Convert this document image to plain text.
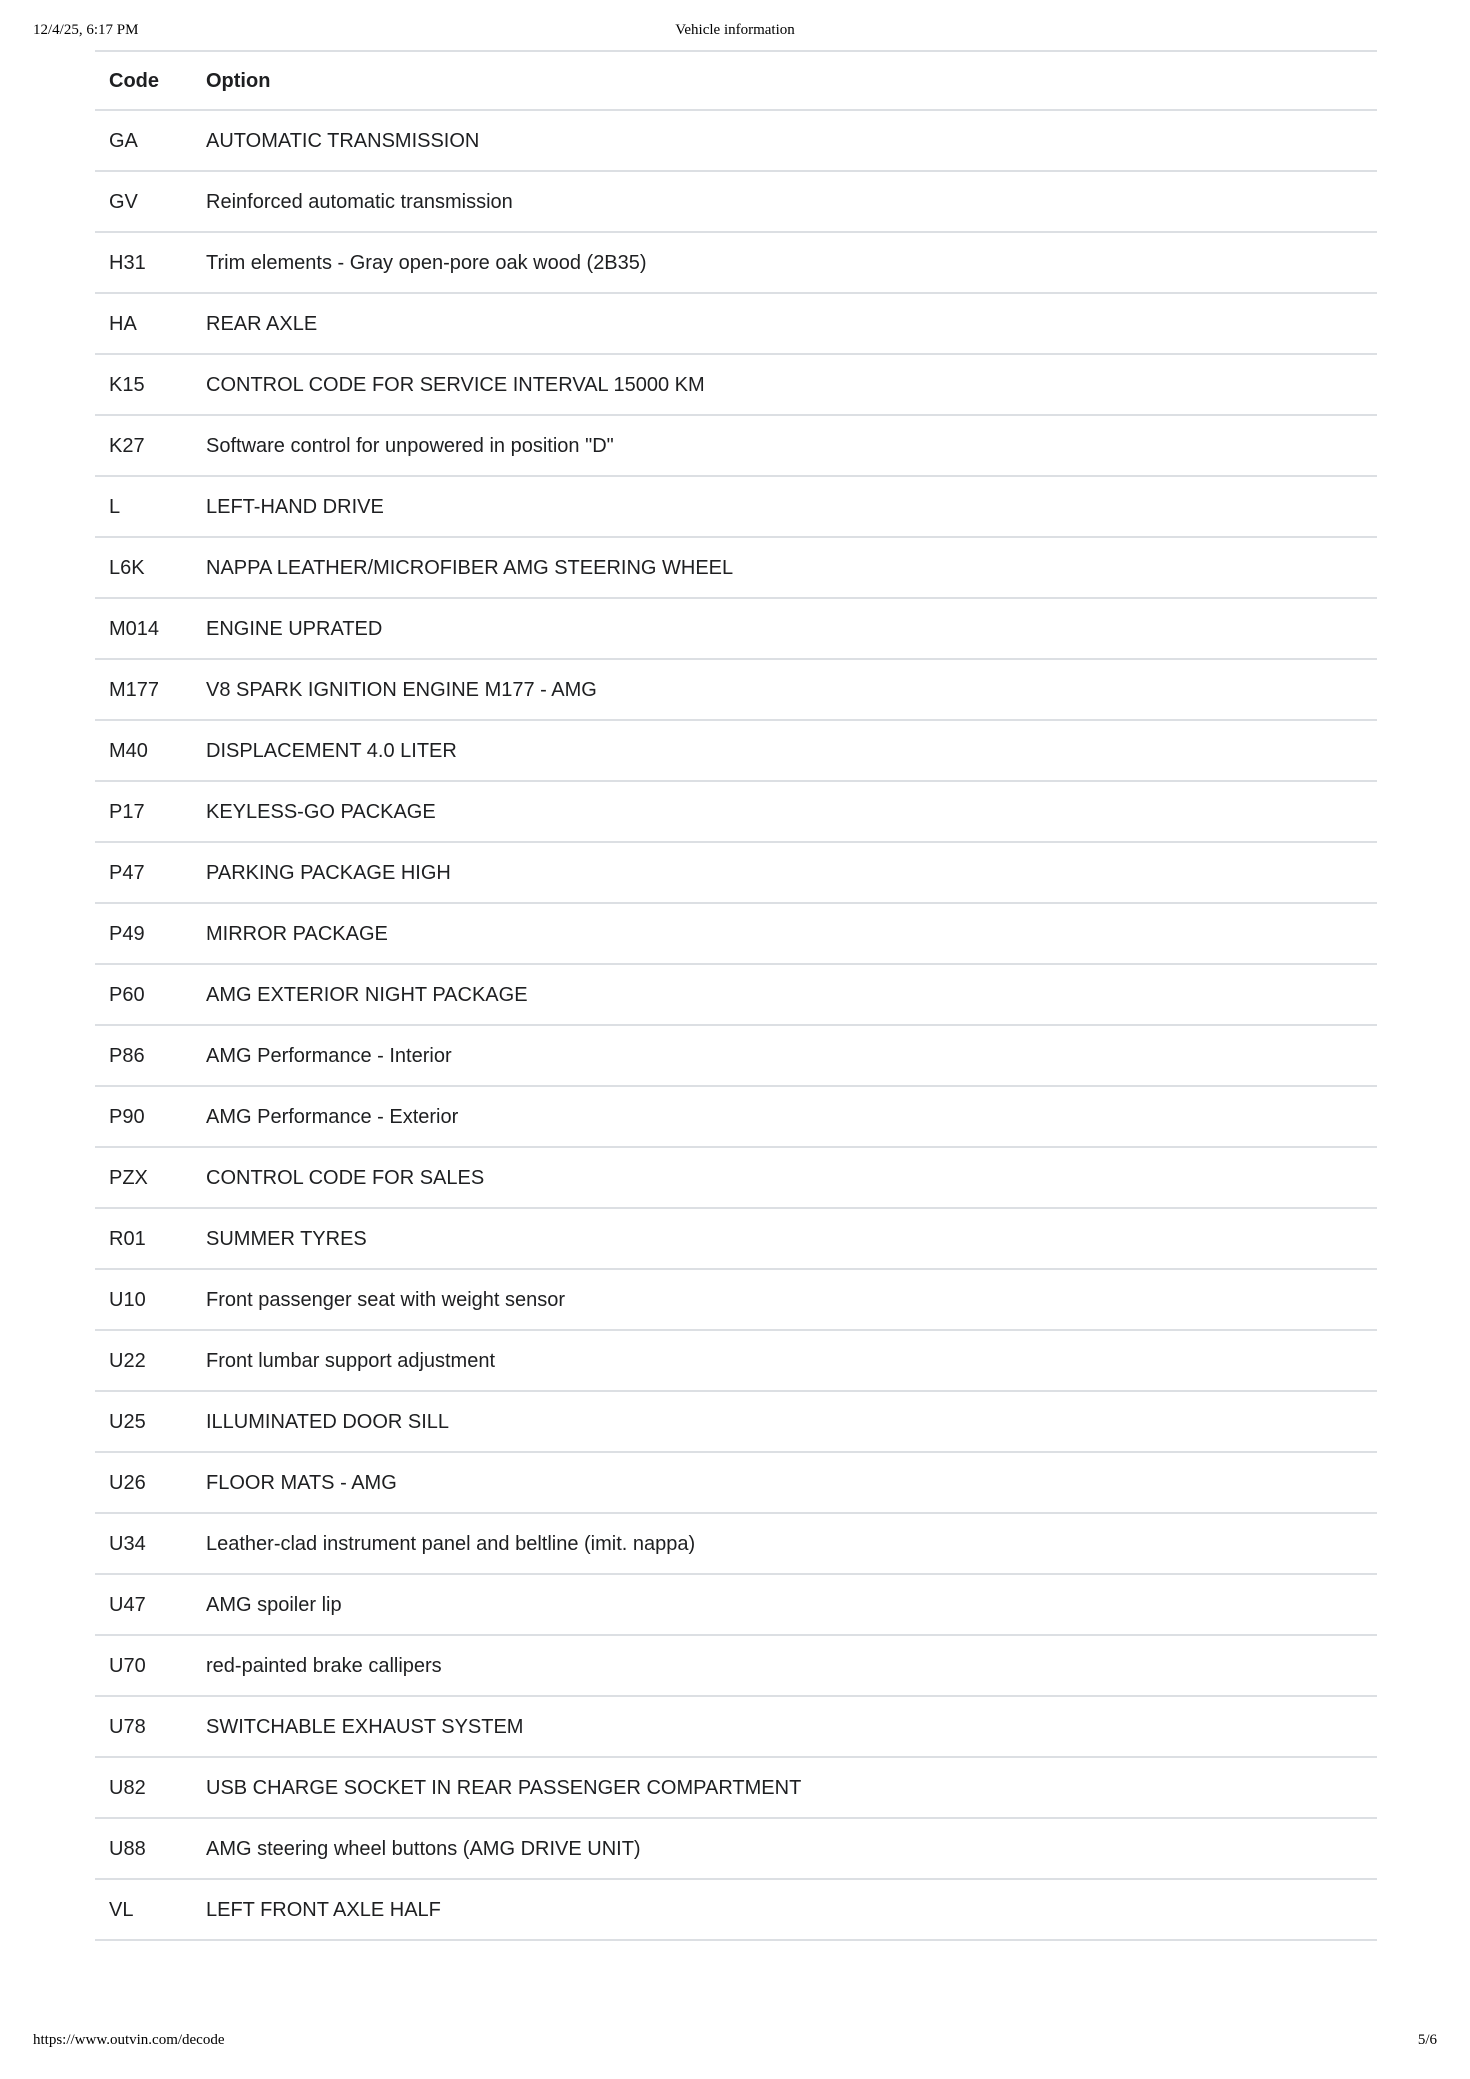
12/4/25, 6:17 PM	Vehicle information
Code	Option
GA	AUTOMATIC TRANSMISSION
GV	Reinforced automatic transmission
H31	Trim elements - Gray open-pore oak wood (2B35)
HA	REAR AXLE
K15	CONTROL CODE FOR SERVICE INTERVAL 15000 KM
K27	Software control for unpowered in position "D"
L	LEFT-HAND DRIVE
L6K	NAPPA LEATHER/MICROFIBER AMG STEERING WHEEL
M014	ENGINE UPRATED
M177	V8 SPARK IGNITION ENGINE M177 - AMG
M40	DISPLACEMENT 4.0 LITER
P17	KEYLESS-GO PACKAGE
P47	PARKING PACKAGE HIGH
P49	MIRROR PACKAGE
P60	AMG EXTERIOR NIGHT PACKAGE
P86	AMG Performance - Interior
P90	AMG Performance - Exterior
PZX	CONTROL CODE FOR SALES
R01	SUMMER TYRES
U10	Front passenger seat with weight sensor
U22	Front lumbar support adjustment
U25	ILLUMINATED DOOR SILL
U26	FLOOR MATS - AMG
U34	Leather-clad instrument panel and beltline (imit. nappa)
U47	AMG spoiler lip
U70	red-painted brake callipers
U78	SWITCHABLE EXHAUST SYSTEM
U82	USB CHARGE SOCKET IN REAR PASSENGER COMPARTMENT
U88	AMG steering wheel buttons (AMG DRIVE UNIT)
VL	LEFT FRONT AXLE HALF
https://www.outvin.com/decode	5/6
